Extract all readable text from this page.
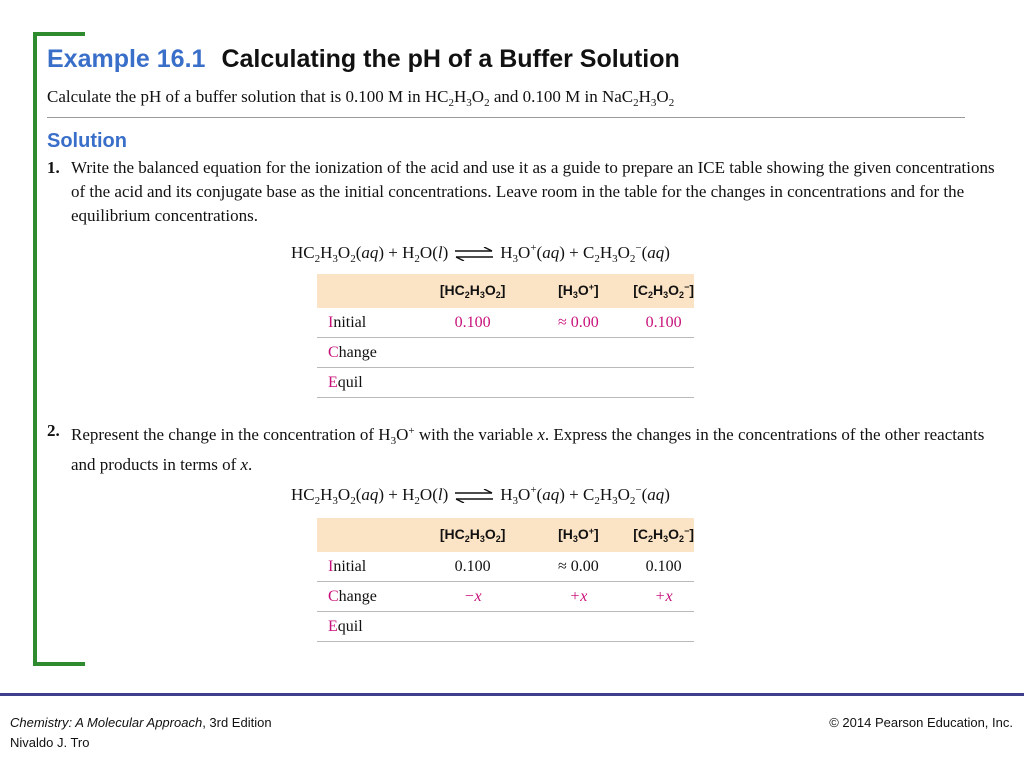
Example 16.1 Calculating the pH of a Buffer Solution
Calculate the pH of a buffer solution that is 0.100 M in $HC_2H_3O_2$ and 0.100 M in $NaC_2H_3O_2$
Solution
1. Write the balanced equation for the ionization of the acid and use it as a guide to prepare an ICE table showing the given concentrations of the acid and its conjugate base as the initial concentrations. Leave room in the table for the changes in concentrations and for the equilibrium concentrations.
$HC_2H_3O_2(aq) + H_2O(l)$ ⇌ $H_3O^+(aq) + C_2H_3O_2^-(aq)$
	$[HC_2H_3O_2]$	$[H_3O^+]$	$[C_2H_3O_2^-]$
Initial	0.100	≈ 0.00	0.100
Change			
Equil			
2. Represent the change in the concentration of $H_3O^+$ with the variable x. Express the changes in the concentrations of the other reactants and products in terms of x.
$HC_2H_3O_2(aq) + H_2O(l)$ ⇌ $H_3O^+(aq) + C_2H_3O_2^-(aq)$
	$[HC_2H_3O_2]$	$[H_3O^+]$	$[C_2H_3O_2^-]$
Initial	0.100	≈ 0.00	0.100
Change	−x	+x	+x
Equil			
Chemistry: A Molecular Approach, 3rd Edition
Nivaldo J. Tro
© 2014 Pearson Education, Inc.
